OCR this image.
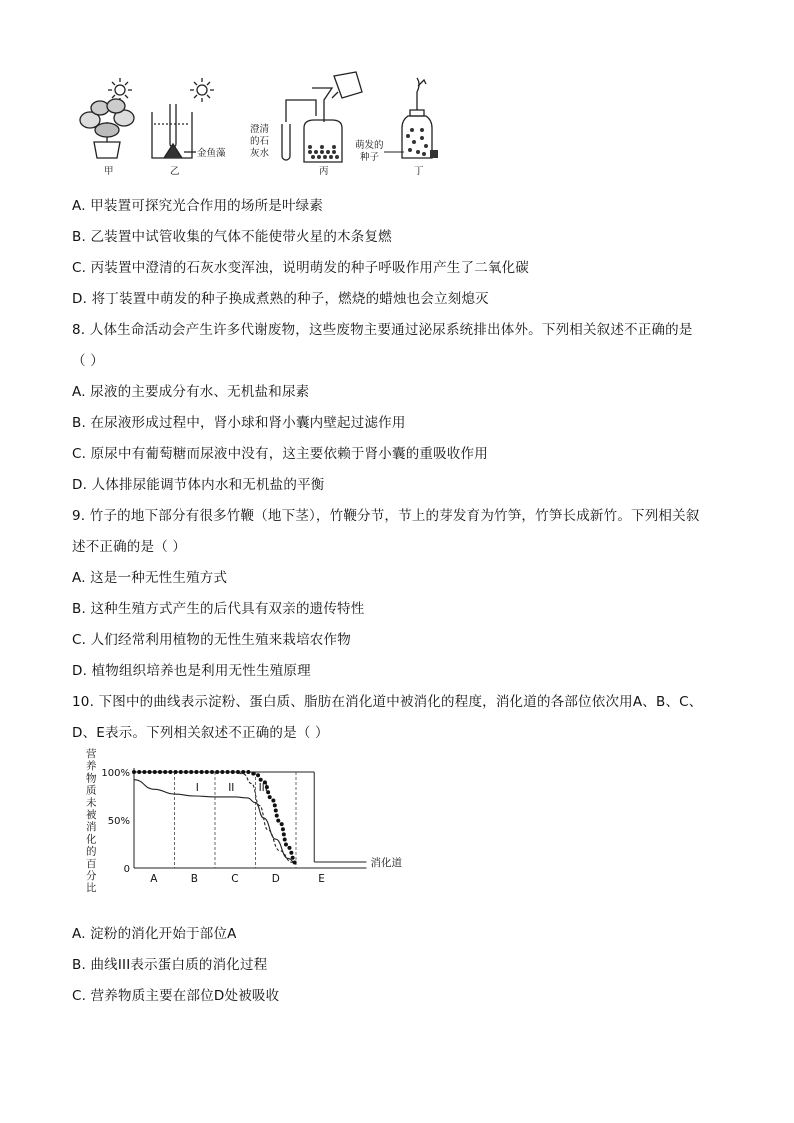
甲	乙
金鱼藻
澄清
的石
灰水
丙
萌发的
种子
丁
A. 甲装置可探究光合作用的场所是叶绿素
B. 乙装置中试管收集的气体不能使带火星的木条复燃
C. 丙装置中澄清的石灰水变浑浊，说明萌发的种子呼吸作用产生了二氧化碳
D. 将丁装置中萌发的种子换成煮熟的种子，燃烧的蜡烛也会立刻熄灭
8. 人体生命活动会产生许多代谢废物，这些废物主要通过泌尿系统排出体外。下列相关叙述不正确的是
（ ）
A. 尿液的主要成分有水、无机盐和尿素
B. 在尿液形成过程中，肾小球和肾小囊内壁起过滤作用
C. 原尿中有葡萄糖而尿液中没有，这主要依赖于肾小囊的重吸收作用
D. 人体排尿能调节体内水和无机盐的平衡
9. 竹子的地下部分有很多竹鞭（地下茎），竹鞭分节，节上的芽发育为竹笋，竹笋长成新竹。下列相关叙
述不正确的是（ ）
A. 这是一种无性生殖方式
B. 这种生殖方式产生的后代具有双亲的遗传特性
C. 人们经常利用植物的无性生殖来栽培农作物
D. 植物组织培养也是利用无性生殖原理
10. 下图中的曲线表示淀粉、蛋白质、脂肪在消化道中被消化的程度，消化道的各部位依次用A、B、C、
D、E表示。下列相关叙述不正确的是（ ）
营
养
物
质
未
被
消
化
的
百
分
比
100%
50%
0
A	B	C	D	E
I	II III
消化道
A. 淀粉的消化开始于部位A
B. 曲线III表示蛋白质的消化过程
C. 营养物质主要在部位D处被吸收
